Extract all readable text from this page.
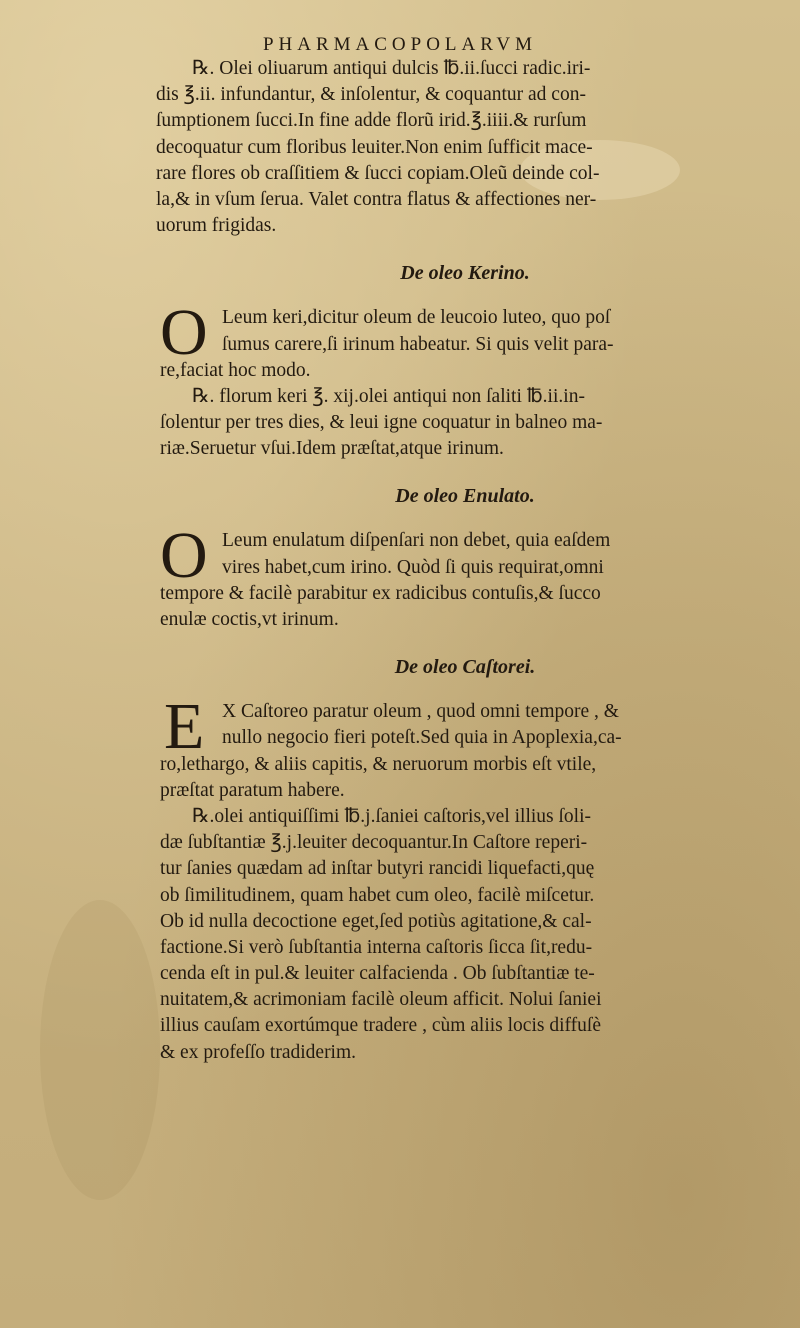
PHARMACOPOLARVM
℞. Olei oliuarum antiqui dulcis ℔.ii.ſucci radic.iri-
dis ℥.ii. infundantur, & inſolentur, & coquantur ad con-
ſumptionem ſucci.In fine adde florũ irid.℥.iiii.& rurſum
decoquatur cum floribus leuiter.Non enim ſufficit mace-
rare flores ob craſſitiem & ſucci copiam.Oleũ deinde col-
la,& in vſum ſerua. Valet contra flatus & affectiones ner-
uorum frigidas.
De oleo Kerino.
O Leum keri,dicitur oleum de leucoio luteo, quo poſ
ſumus carere,ſi irinum habeatur. Si quis velit para-
re,faciat hoc modo.
℞. florum keri ℥. xij.olei antiqui non ſaliti ℔.ii.in-
ſolentur per tres dies, & leui igne coquatur in balneo ma-
riæ.Seruetur vſui.Idem præſtat,atque irinum.
De oleo Enulato.
O Leum enulatum diſpenſari non debet, quia eaſdem
vires habet,cum irino. Quòd ſi quis requirat,omni
tempore & facilè parabitur ex radicibus contuſis,& ſucco
enulæ coctis,vt irinum.
De oleo Caſtorei.
E X Caſtoreo paratur oleum , quod omni tempore , &
nullo negocio fieri poteſt.Sed quia in Apoplexia,ca-
ro,lethargo, & aliis capitis, & neruorum morbis eſt vtile,
præſtat paratum habere.
℞.olei antiquiſſimi ℔.j.ſaniei caſtoris,vel illius ſoli-
dæ ſubſtantiæ ℥.j.leuiter decoquantur.In Caſtore reperi-
tur ſanies quædam ad inſtar butyri rancidi liquefacti,quę
ob ſimilitudinem, quam habet cum oleo, facilè miſcetur.
Ob id nulla decoctione eget,ſed potiùs agitatione,& cal-
factione.Si verò ſubſtantia interna caſtoris ſicca ſit,redu-
cenda eſt in pul.& leuiter calfacienda . Ob ſubſtantiæ te-
nuitatem,& acrimoniam facilè oleum afficit. Nolui ſaniei
illius cauſam exortúmque tradere , cùm aliis locis diffuſè
& ex profeſſo tradiderim.
